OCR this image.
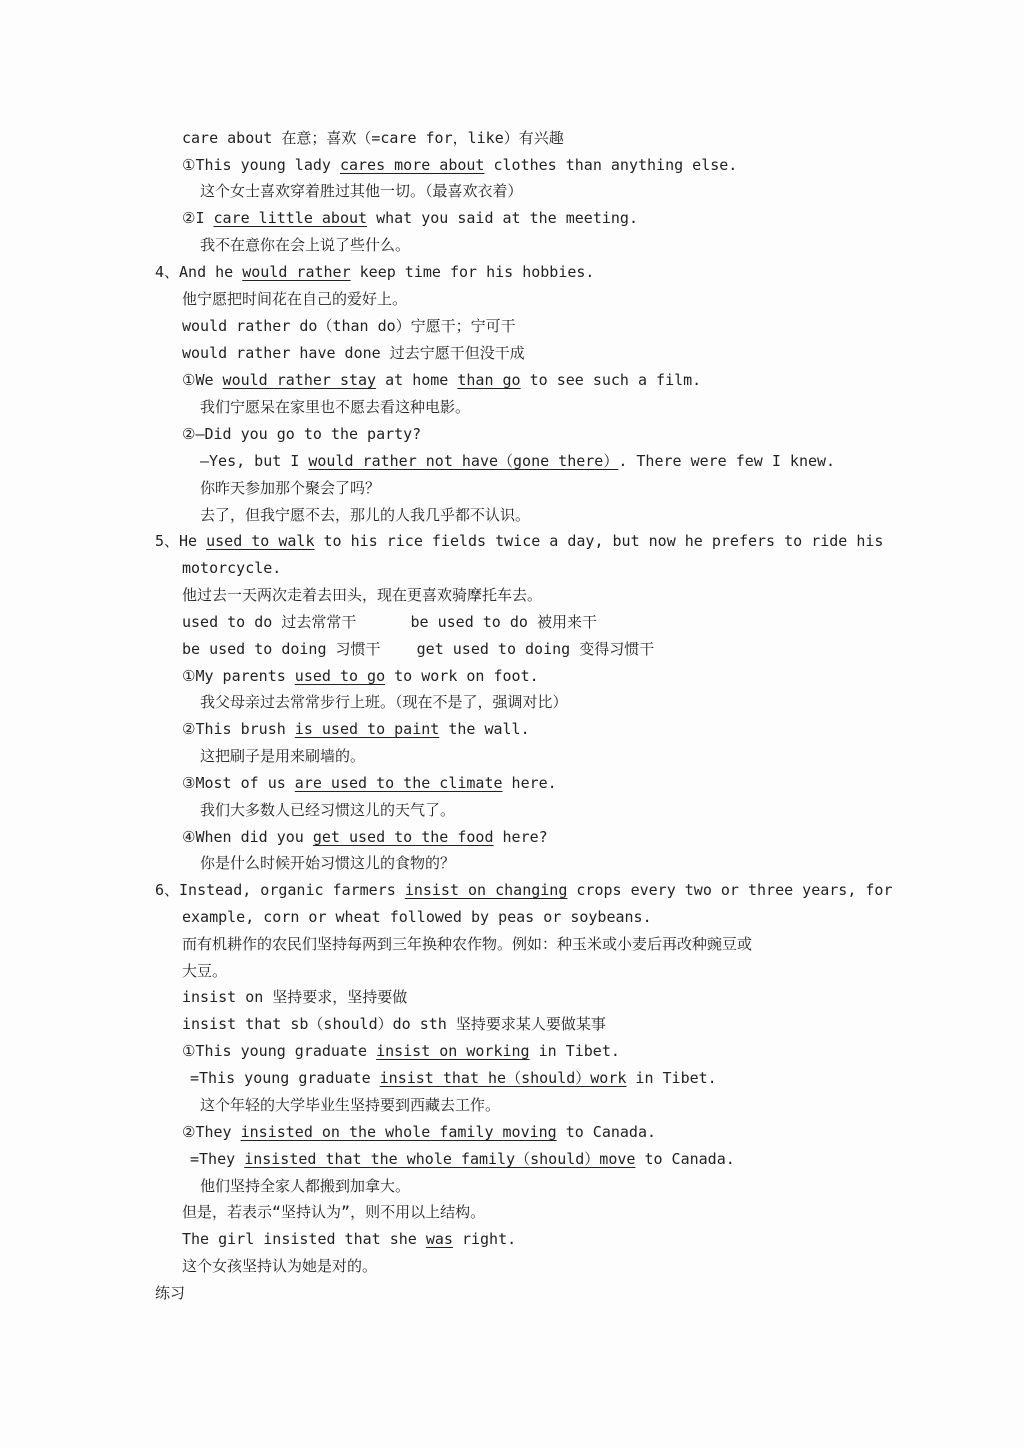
care about 在意；喜欢（=care for，like）有兴趣
①This young lady cares more about clothes than anything else.
这个女士喜欢穿着胜过其他一切。（最喜欢衣着）
②I care little about what you said at the meeting.
我不在意你在会上说了些什么。
4、And he would rather keep time for his hobbies.
他宁愿把时间花在自己的爱好上。
would rather do（than do）宁愿干；宁可干
would rather have done 过去宁愿干但没干成
①We would rather stay at home than go to see such a film.
我们宁愿呆在家里也不愿去看这种电影。
②—Did you go to the party?
—Yes, but I would rather not have（gone there）. There were few I knew.
你昨天参加那个聚会了吗？
去了，但我宁愿不去，那儿的人我几乎都不认识。
5、He used to walk to his rice fields twice a day, but now he prefers to ride his
motorcycle.
他过去一天两次走着去田头，现在更喜欢骑摩托车去。
used to do 过去常常干      be used to do 被用来干
be used to doing 习惯干    get used to doing 变得习惯干
①My parents used to go to work on foot.
我父母亲过去常常步行上班。（现在不是了，强调对比）
②This brush is used to paint the wall.
这把刷子是用来刷墙的。
③Most of us are used to the climate here.
我们大多数人已经习惯这儿的天气了。
④When did you get used to the food here?
你是什么时候开始习惯这儿的食物的？
6、Instead, organic farmers insist on changing crops every two or three years, for
example, corn or wheat followed by peas or soybeans.
而有机耕作的农民们坚持每两到三年换种农作物。例如：种玉米或小麦后再改种豌豆或
大豆。
insist on 坚持要求，坚持要做
insist that sb（should）do sth 坚持要求某人要做某事
①This young graduate insist on working in Tibet.
=This young graduate insist that he（should）work in Tibet.
这个年轻的大学毕业生坚持要到西藏去工作。
②They insisted on the whole family moving to Canada.
=They insisted that the whole family（should）move to Canada.
他们坚持全家人都搬到加拿大。
但是，若表示“坚持认为”，则不用以上结构。
The girl insisted that she was right.
这个女孩坚持认为她是对的。
练习
